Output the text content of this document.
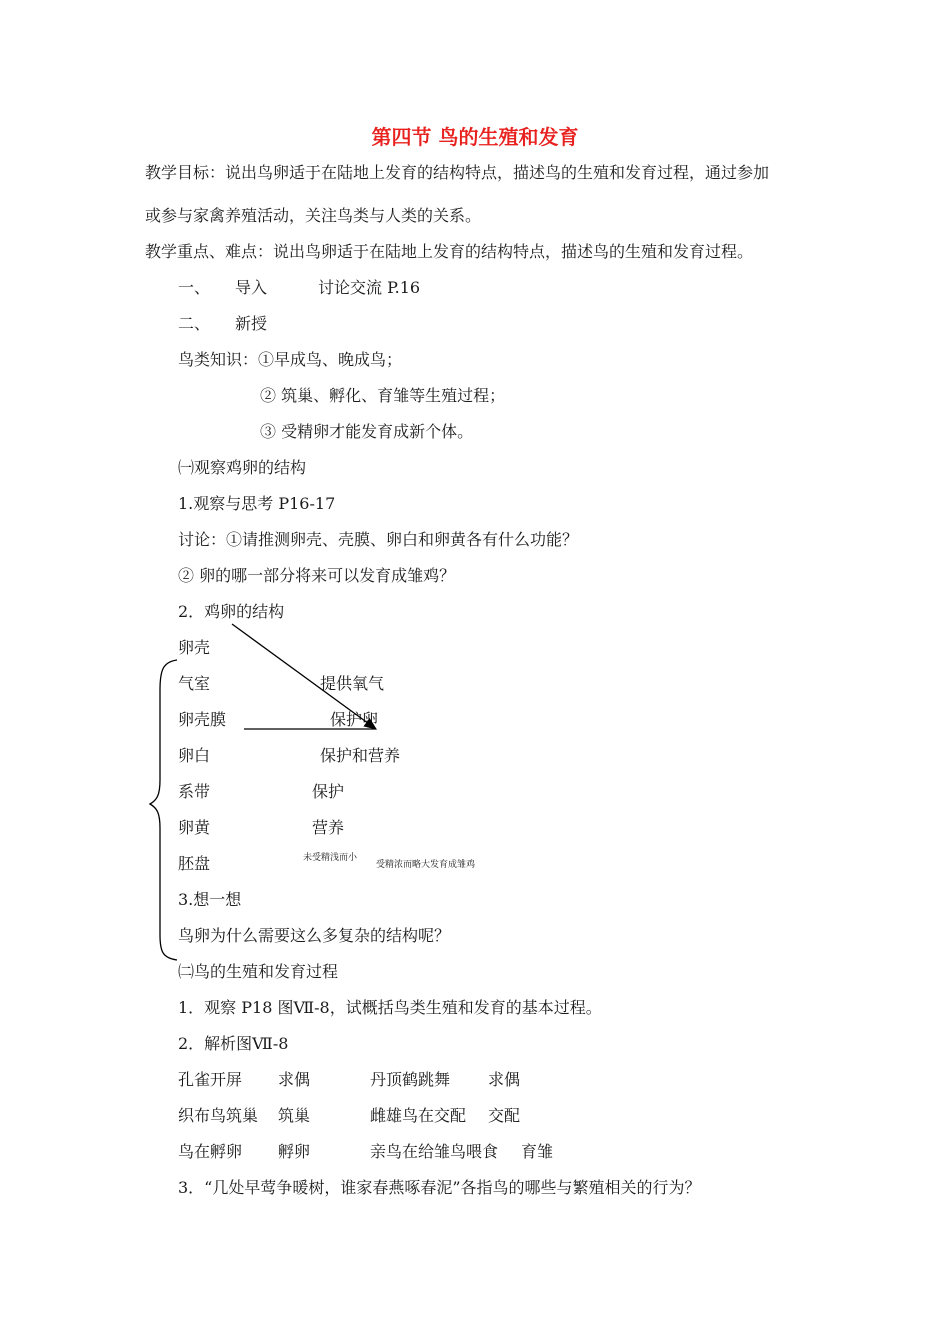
第四节 鸟的生殖和发育
教学目标：说出鸟卵适于在陆地上发育的结构特点，描述鸟的生殖和发育过程，通过参加
或参与家禽养殖活动，关注鸟类与人类的关系。
教学重点、难点：说出鸟卵适于在陆地上发育的结构特点，描述鸟的生殖和发育过程。
一、 导入	讨论交流 P.16
二、 新授
鸟类知识：①早成鸟、晚成鸟；
② 筑巢、孵化、育雏等生殖过程；
③ 受精卵才能发育成新个体。
㈠观察鸡卵的结构
1.观察与思考 P16-17
讨论：①请推测卵壳、壳膜、卵白和卵黄各有什么功能？
② 卵的哪一部分将来可以发育成雏鸡？
2．鸡卵的结构
卵壳
气室	提供氧气
卵壳膜	保护卵
卵白	保护和营养
系带	保护
卵黄	营养
胚盘	未受精浅而小
受精浓而略大发育成雏鸡
3.想一想
鸟卵为什么需要这么多复杂的结构呢？
㈡鸟的生殖和发育过程
1．观察 P18 图Ⅶ-8，试概括鸟类生殖和发育的基本过程。
2．解析图Ⅶ-8
孔雀开屏 求偶	丹顶鹤跳舞 求偶
织布鸟筑巢 筑巢	雌雄鸟在交配 交配
鸟在孵卵 孵卵	亲鸟在给雏鸟喂食 育雏
3．“几处早莺争暖树，谁家春燕啄春泥”各指鸟的哪些与繁殖相关的行为？
